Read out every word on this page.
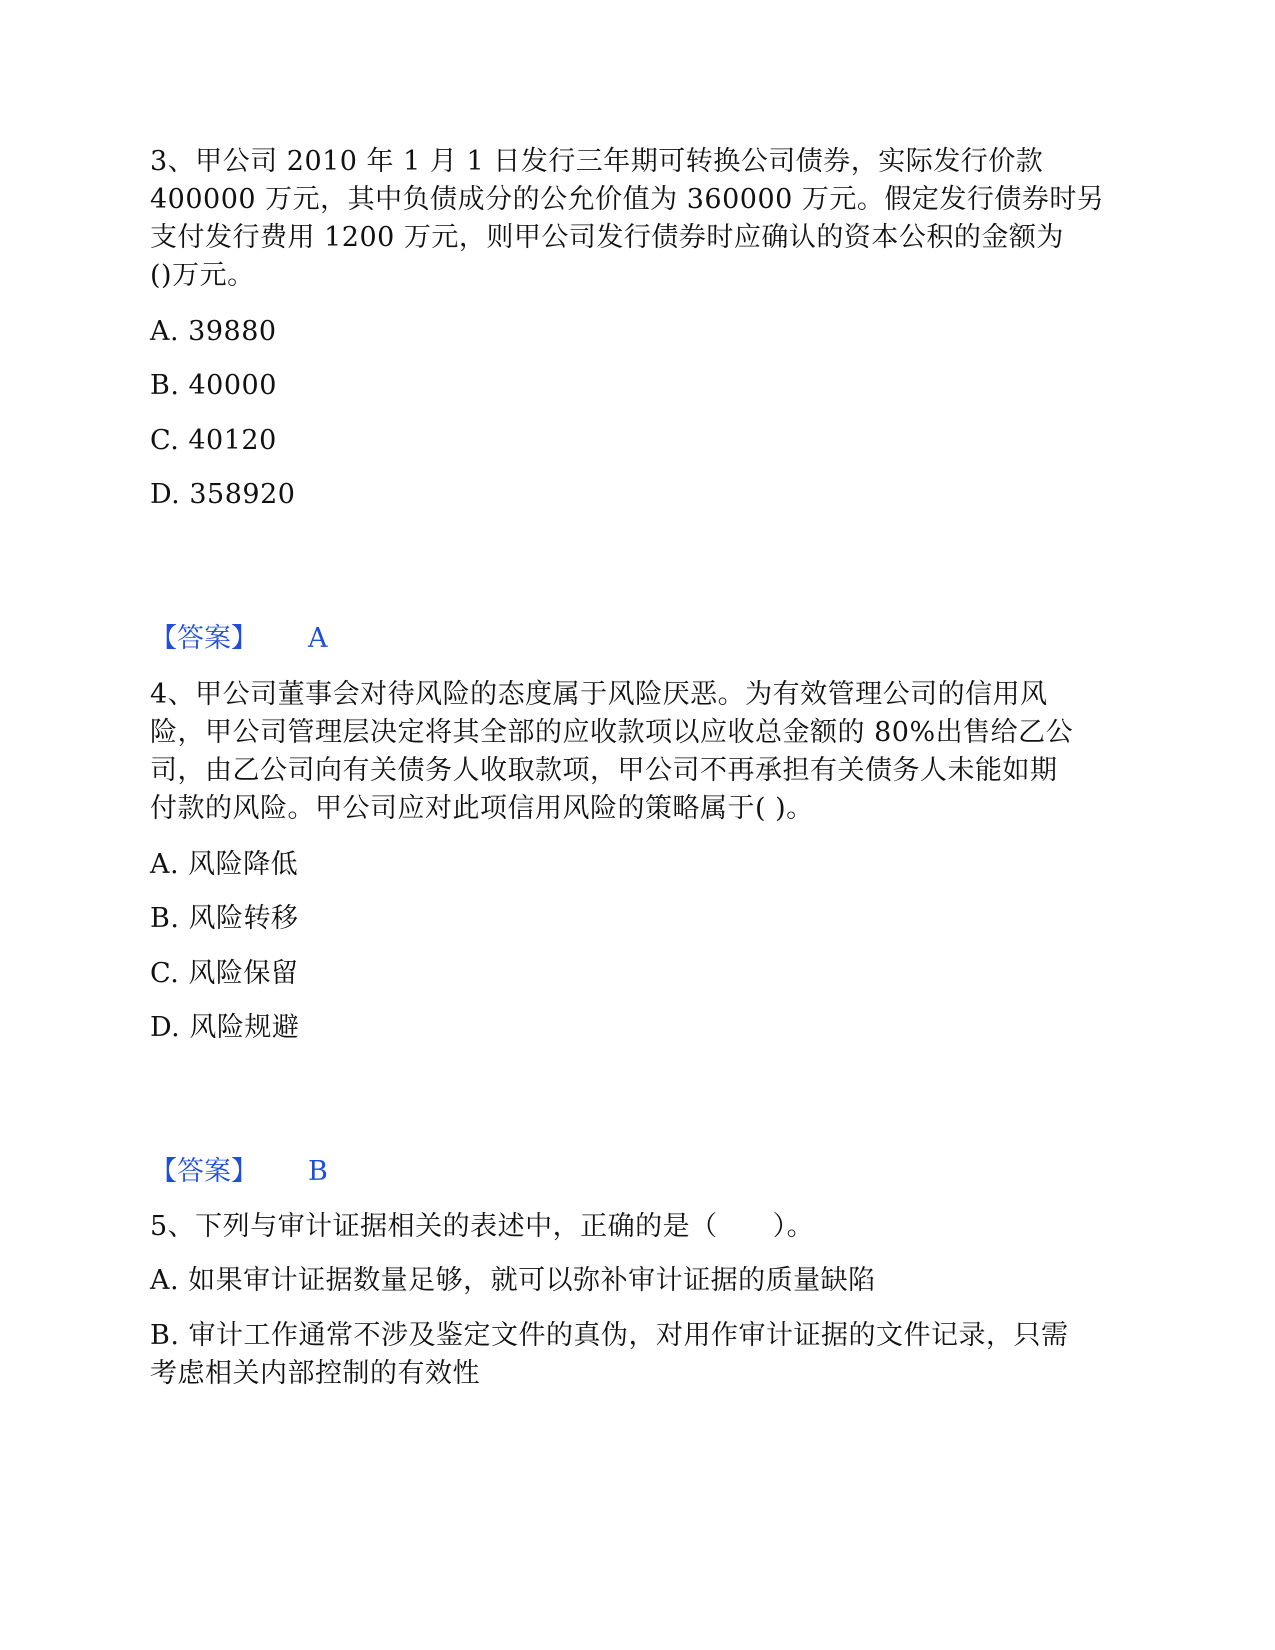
3、甲公司 2010 年 1 月 1 日发行三年期可转换公司债券，实际发行价款
400000 万元，其中负债成分的公允价值为 360000 万元。假定发行债券时另
支付发行费用 1200 万元，则甲公司发行债券时应确认的资本公积的金额为
()万元。
A. 39880
B. 40000
C. 40120
D. 358920
【答案】 A
4、甲公司董事会对待风险的态度属于风险厌恶。为有效管理公司的信用风
险，甲公司管理层决定将其全部的应收款项以应收总金额的 80%出售给乙公
司，由乙公司向有关债务人收取款项，甲公司不再承担有关债务人未能如期
付款的风险。甲公司应对此项信用风险的策略属于( )。
A. 风险降低
B. 风险转移
C. 风险保留
D. 风险规避
【答案】 B
5、下列与审计证据相关的表述中，正确的是（　　）。
A. 如果审计证据数量足够，就可以弥补审计证据的质量缺陷
B. 审计工作通常不涉及鉴定文件的真伪，对用作审计证据的文件记录，只需
考虑相关内部控制的有效性
